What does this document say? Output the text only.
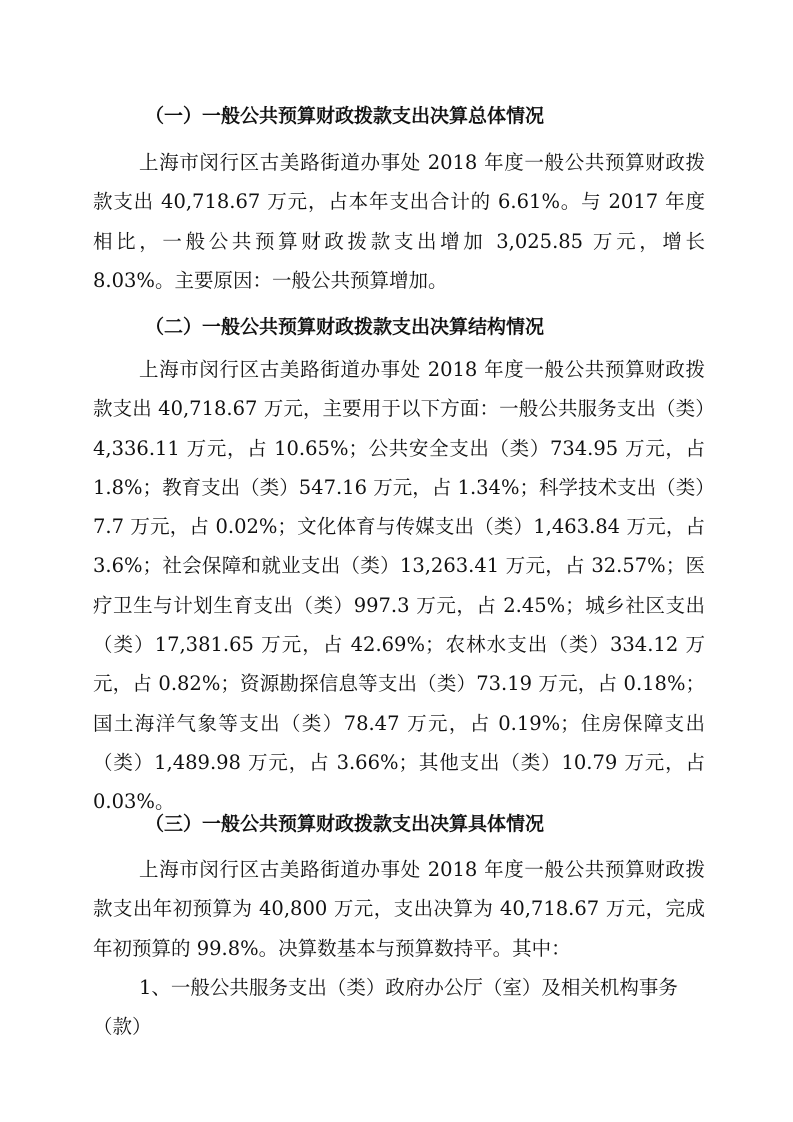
（一）一般公共预算财政拨款支出决算总体情况
上海市闵行区古美路街道办事处 2018 年度一般公共预算财政拨款支出 40,718.67 万元，占本年支出合计的 6.61%。与 2017 年度相比，一般公共预算财政拨款支出增加 3,025.85 万元，增长 8.03%。主要原因：一般公共预算增加。
（二）一般公共预算财政拨款支出决算结构情况
上海市闵行区古美路街道办事处 2018 年度一般公共预算财政拨款支出 40,718.67 万元，主要用于以下方面：一般公共服务支出（类）4,336.11 万元，占 10.65%；公共安全支出（类）734.95 万元，占 1.8%；教育支出（类）547.16 万元，占 1.34%；科学技术支出（类）7.7 万元，占 0.02%；文化体育与传媒支出（类）1,463.84 万元，占 3.6%；社会保障和就业支出（类）13,263.41 万元，占 32.57%；医疗卫生与计划生育支出（类）997.3 万元，占 2.45%；城乡社区支出（类）17,381.65 万元，占 42.69%；农林水支出（类）334.12 万元，占 0.82%；资源勘探信息等支出（类）73.19 万元，占 0.18%；国土海洋气象等支出（类）78.47 万元，占 0.19%；住房保障支出（类）1,489.98 万元，占 3.66%；其他支出（类）10.79 万元，占 0.03%。
（三）一般公共预算财政拨款支出决算具体情况
上海市闵行区古美路街道办事处 2018 年度一般公共预算财政拨款支出年初预算为 40,800 万元，支出决算为 40,718.67 万元，完成年初预算的 99.8%。决算数基本与预算数持平。其中：
1、一般公共服务支出（类）政府办公厅（室）及相关机构事务（款）
